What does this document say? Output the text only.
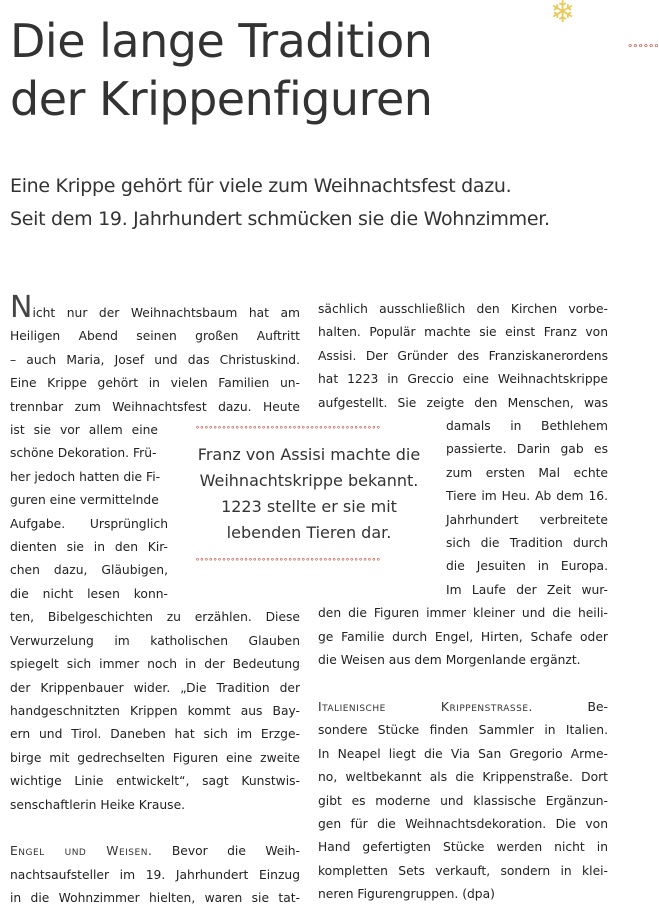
❄
∘∘∘∘∘∘
Die lange Tradition
der Krippenfiguren
Eine Krippe gehört für viele zum Weihnachtsfest dazu.
Seit dem 19. Jahrhundert schmücken sie die Wohnzimmer.
Nicht nur der Weihnachtsbaum hat am
Heiligen Abend seinen großen Auftritt
– auch Maria, Josef und das Christuskind.
Eine Krippe gehört in vielen Familien un-
trennbar zum Weihnachtsfest dazu. Heute
ist sie vor allem eine
schöne Dekoration. Frü-
her jedoch hatten die Fi-
guren eine vermittelnde
Aufgabe. Ursprünglich
dienten sie in den Kir-
chen dazu, Gläubigen,
die nicht lesen konn-
ten, Bibelgeschichten zu erzählen. Diese
Verwurzelung im katholischen Glauben
spiegelt sich immer noch in der Bedeutung
der Krippenbauer wider. „Die Tradition der
handgeschnitzten Krippen kommt aus Bay-
ern und Tirol. Daneben hat sich im Erzge-
birge mit gedrechselten Figuren eine zweite
wichtige Linie entwickelt“, sagt Kunstwis-
senschaftlerin Heike Krause.
Engel und Weisen. Bevor die Weih-
nachtsaufsteller im 19. Jahrhundert Einzug
in die Wohnzimmer hielten, waren sie tat-
sächlich ausschließlich den Kirchen vorbe-
halten. Populär machte sie einst Franz von
Assisi. Der Gründer des Franziskanerordens
hat 1223 in Greccio eine Weihnachtskrippe
aufgestellt. Sie zeigte den Menschen, was
damals in Bethlehem
passierte. Darin gab es
zum ersten Mal echte
Tiere im Heu. Ab dem 16.
Jahrhundert verbreitete
sich die Tradition durch
die Jesuiten in Europa.
Im Laufe der Zeit wur-
den die Figuren immer kleiner und die heili-
ge Familie durch Engel, Hirten, Schafe oder
die Weisen aus dem Morgenlande ergänzt.
Italienische Krippenstrasse.	Be-
sondere Stücke finden Sammler in Italien.
In Neapel liegt die Via San Gregorio Arme-
no, weltbekannt als die Krippenstraße. Dort
gibt es moderne und klassische Ergänzun-
gen für die Weihnachtsdekoration. Die von
Hand gefertigten Stücke werden nicht in
kompletten Sets verkauft, sondern in klei-
neren Figurengruppen. (dpa)
∘∘∘∘∘∘∘∘∘∘∘∘∘∘∘∘∘∘∘∘∘∘∘∘∘∘∘∘∘∘∘∘∘∘∘∘∘∘∘∘∘∘
Franz von Assisi machte die
Weihnachtskrippe bekannt.
1223 stellte er sie mit
lebenden Tieren dar.
∘∘∘∘∘∘∘∘∘∘∘∘∘∘∘∘∘∘∘∘∘∘∘∘∘∘∘∘∘∘∘∘∘∘∘∘∘∘∘∘∘∘
